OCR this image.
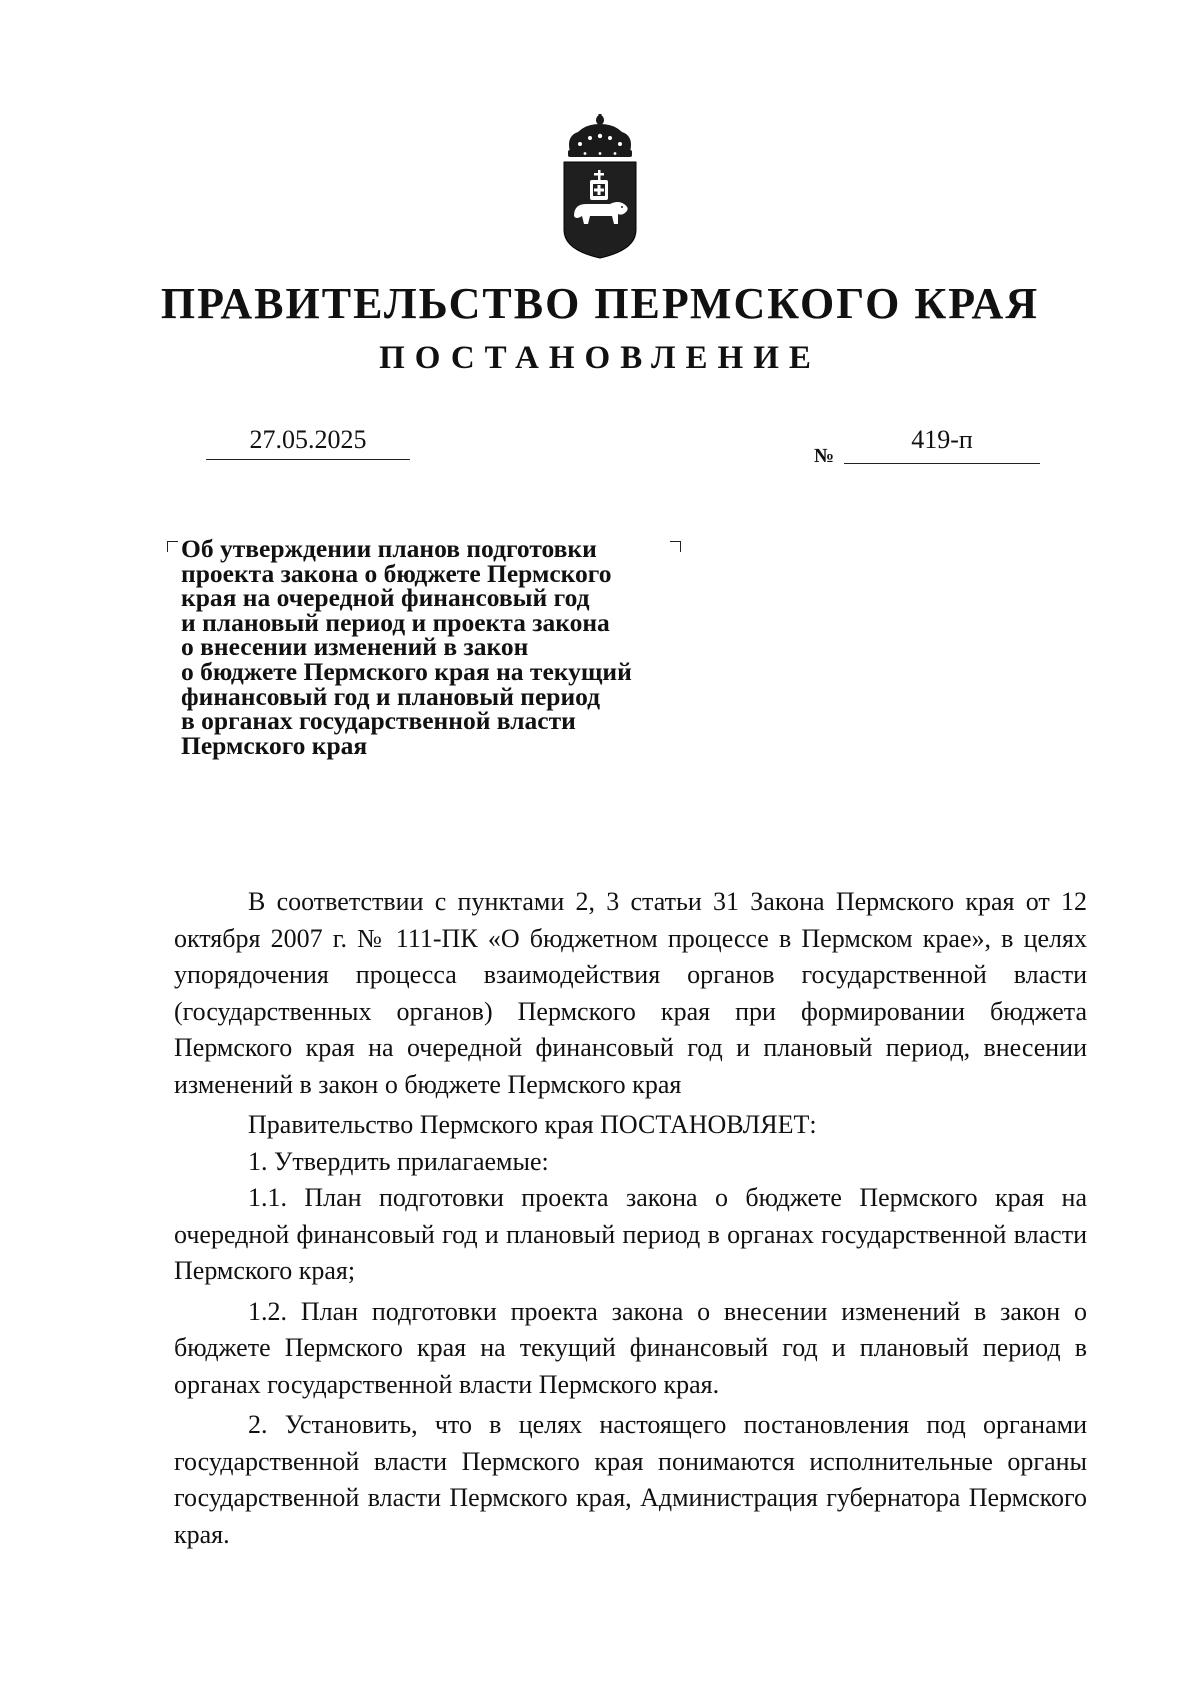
ПРАВИТЕЛЬСТВО ПЕРМСКОГО КРАЯ
ПОСТАНОВЛЕНИЕ
27.05.2025
№
419-п
Об утверждении планов подготовки
проекта закона о бюджете Пермского
края на очередной финансовый год
и плановый период и проекта закона
о внесении изменений в закон
о бюджете Пермского края на текущий
финансовый год и плановый период
в органах государственной власти
Пермского края

В соответствии с пунктами 2, 3 статьи 31 Закона Пермского края от 12 октября 2007 г. № 111-ПК «О бюджетном процессе в Пермском крае», в целях упорядочения процесса взаимодействия органов государственной власти (государственных органов) Пермского края при формировании бюджета Пермского края на очередной финансовый год и плановый период, внесении изменений в закон о бюджете Пермского края

Правительство Пермского края ПОСТАНОВЛЯЕТ:

1. Утвердить прилагаемые:

1.1. План подготовки проекта закона о бюджете Пермского края на очередной финансовый год и плановый период в органах государственной власти Пермского края;

1.2. План подготовки проекта закона о внесении изменений в закон о бюджете Пермского края на текущий финансовый год и плановый период в органах государственной власти Пермского края.

2. Установить, что в целях настоящего постановления под органами государственной власти Пермского края понимаются исполнительные органы государственной власти Пермского края, Администрация губернатора Пермского края.
